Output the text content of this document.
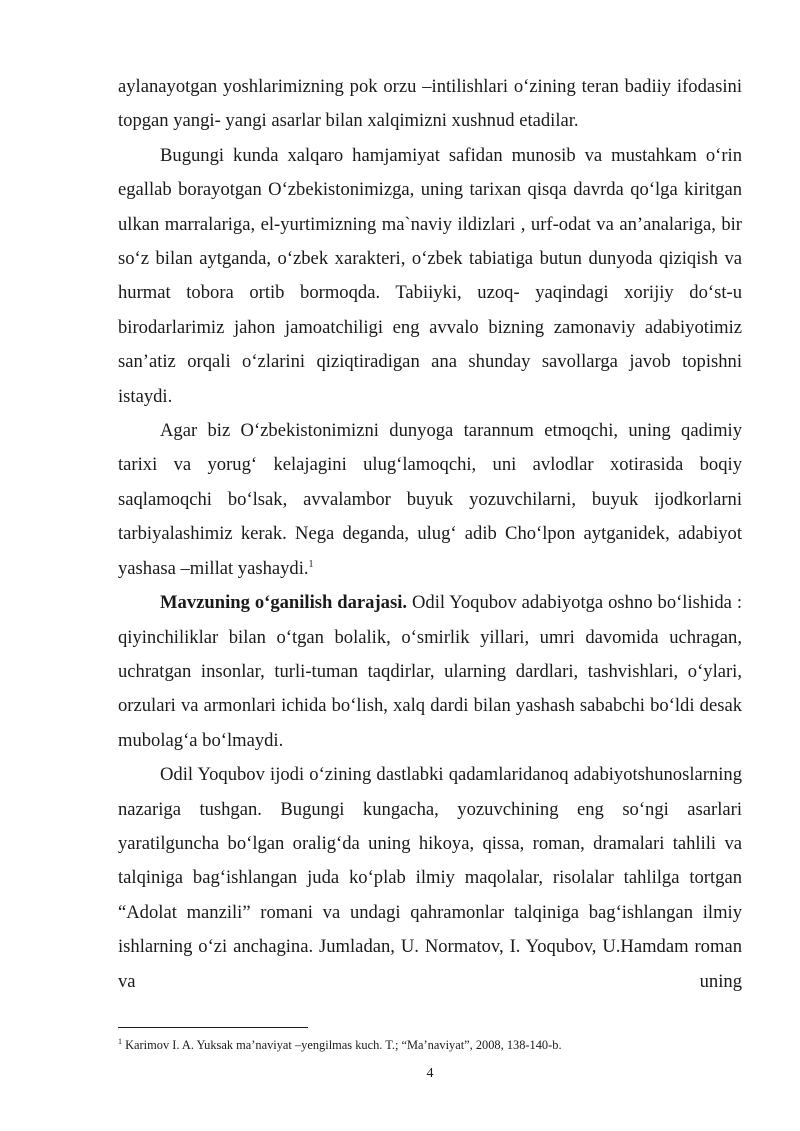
aylanayotgan yoshlarimizning pok orzu –intilishlari o‘zining teran badiiy ifodasini topgan yangi- yangi asarlar bilan xalqimizni xushnud etadilar.

Bugungi kunda xalqaro hamjamiyat safidan munosib va mustahkam o‘rin egallab borayotgan O‘zbekistonimizga, uning tarixan qisqa davrda qo‘lga kiritgan ulkan marralariga, el-yurtimizning ma`naviy ildizlari , urf-odat va an’analariga, bir so‘z bilan aytganda, o‘zbek xarakteri, o‘zbek tabiatiga butun dunyoda qiziqish va hurmat tobora ortib bormoqda. Tabiiyki, uzoq- yaqindagi xorijiy do‘st-u birodarlarimiz jahon jamoatchiligi eng avvalo bizning zamonaviy adabiyotimiz san’atiz orqali o‘zlarini qiziqtiradigan ana shunday savollarga javob topishni istaydi.

Agar biz O‘zbekistonimizni dunyoga tarannum etmoqchi, uning qadimiy tarixi va yorug‘ kelajagini ulug‘lamoqchi, uni avlodlar xotirasida boqiy saqlamoqchi bo‘lsak, avvalambor buyuk yozuvchilarni, buyuk ijodkorlarni tarbiyalashimiz kerak. Nega deganda, ulug‘ adib Cho‘lpon aytganidek, adabiyot yashasa –millat yashaydi.$^1$

Mavzuning o‘ganilish darajasi. Odil Yoqubov adabiyotga oshno bo‘lishida : qiyinchiliklar bilan o‘tgan bolalik, o‘smirlik yillari, umri davomida uchragan, uchratgan insonlar, turli-tuman taqdirlar, ularning dardlari, tashvishlari, o‘ylari, orzulari va armonlari ichida bo‘lish, xalq dardi bilan yashash sababchi bo‘ldi desak mubolag‘a bo‘lmaydi.

Odil Yoqubov ijodi o‘zining dastlabki qadamlaridanoq adabiyotshunoslarning nazariga tushgan. Bugungi kungacha, yozuvchining eng so‘ngi asarlari yaratilguncha bo‘lgan oralig‘da uning hikoya, qissa, roman, dramalari tahlili va talqiniga bag‘ishlangan juda ko‘plab ilmiy maqolalar, risolalar tahlilga tortgan “Adolat manzili” romani va undagi qahramonlar talqiniga bag‘ishlangan ilmiy ishlarning o‘zi anchagina. Jumladan, U. Normatov, I. Yoqubov, U.Hamdam roman va uning

$^1$ Karimov I. A. Yuksak ma’naviyat –yengilmas kuch. T.; “Ma’naviyat”, 2008, 138-140-b.

4
